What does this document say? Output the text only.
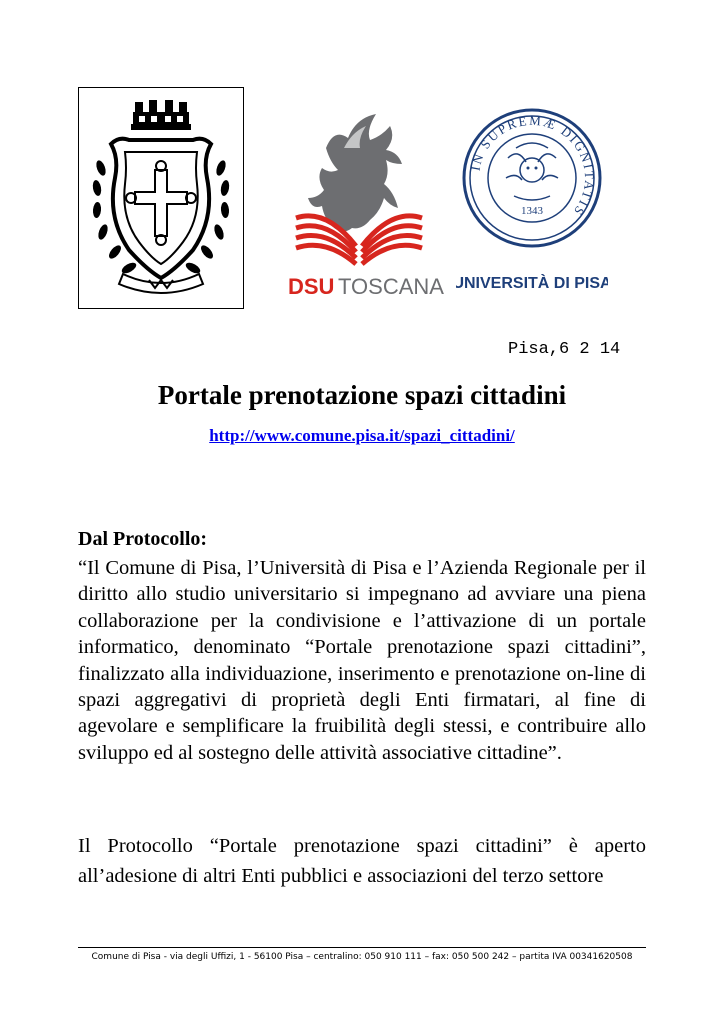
DSU TOSCANA
IN SUPREMÆ DIGNITATIS
1343
UNIVERSITÀ DI PISA
Pisa,6 2 14
Portale prenotazione spazi cittadini
http://www.comune.pisa.it/spazi_cittadini/
Dal Protocollo:
“Il Comune di Pisa, l’Università di Pisa e l’Azienda Regionale per il diritto allo studio universitario si impegnano ad avviare una piena collaborazione per la condivisione e l’attivazione di un portale informatico, denominato “Portale prenotazione spazi cittadini”, finalizzato alla individuazione, inserimento e prenotazione on-line di spazi aggregativi di proprietà degli Enti firmatari, al fine di agevolare e semplificare la fruibilità degli stessi, e contribuire allo sviluppo ed al sostegno delle attività associative cittadine”.
Il Protocollo “Portale prenotazione spazi cittadini” è aperto all’adesione di altri Enti pubblici e associazioni del terzo settore
Comune di Pisa - via degli Uffizi, 1 - 56100 Pisa – centralino: 050 910 111 – fax: 050 500 242 – partita IVA 00341620508
